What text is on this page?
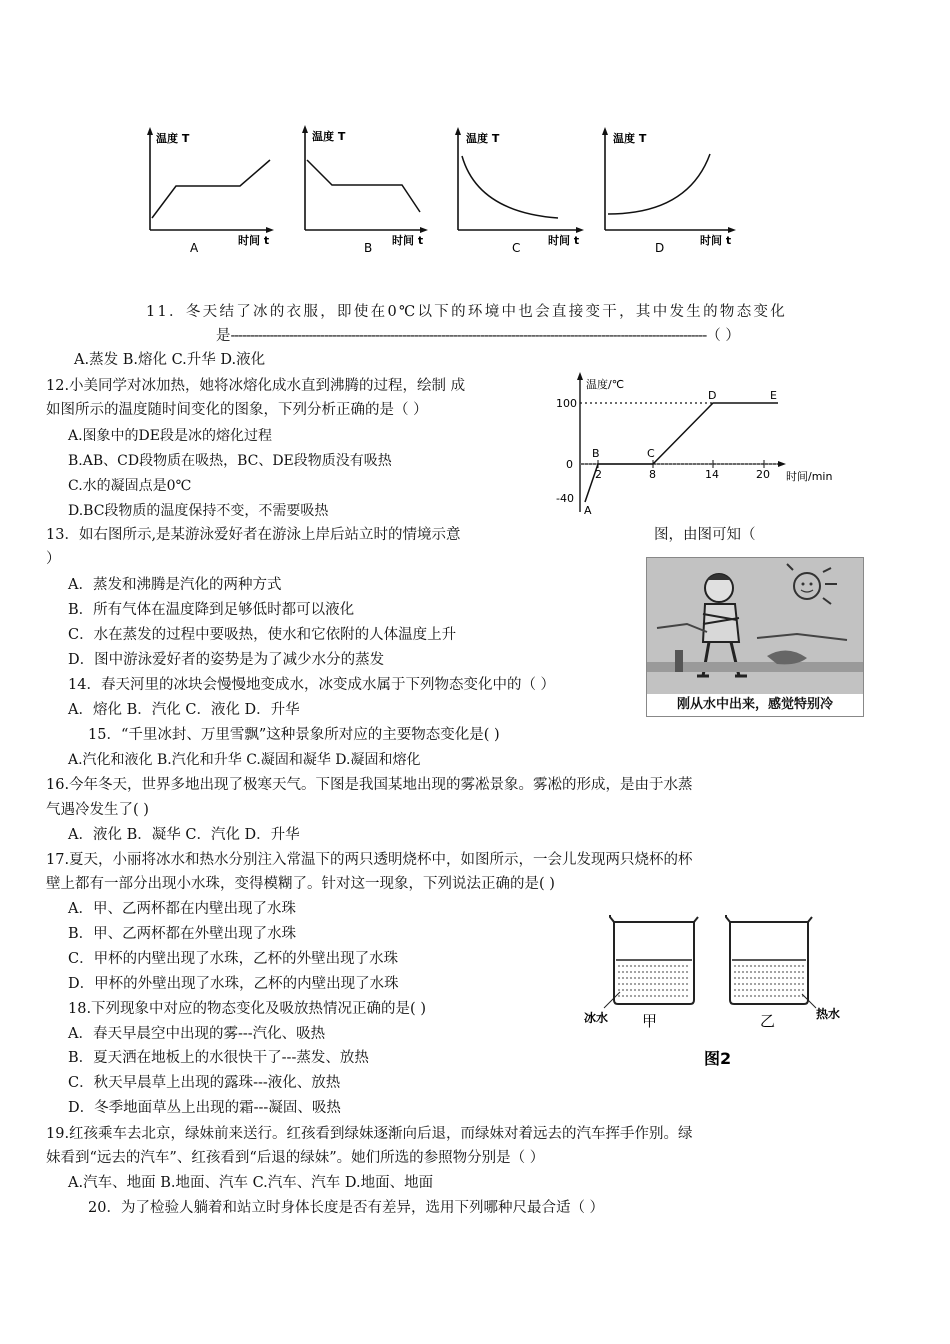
温度 T
时间 t
A
温度 T
时间 t
B
温度 T
时间 t
C
温度 T
时间 t
D
11．冬天结了冰的衣服，即使在0℃以下的环境中也会直接变干，其中发生的物态变化
是--------------------------------------------------------------------------------------------------------------------------（ ）
A.蒸发 B.熔化 C.升华 D.液化
12.小美同学对冰加热，她将冰熔化成水直到沸腾的过程，绘制 成
如图所示的温度随时间变化的图象，下列分析正确的是（ ）
A.图象中的DE段是冰的熔化过程
B.AB、CD段物质在吸热，BC、DE段物质没有吸热
C.水的凝固点是0℃
D.BC段物质的温度保持不变，不需要吸热
温度/℃
时间/min
100
0
-40
2	8	14	20
A
B	C
D	E
13．如右图所示,是某游泳爱好者在游泳上岸后站立时的情境示意	图，由图可知（
）
A．蒸发和沸腾是汽化的两种方式
B．所有气体在温度降到足够低时都可以液化
C．水在蒸发的过程中要吸热，使水和它依附的人体温度上升
D．图中游泳爱好者的姿势是为了减少水分的蒸发
刚从水中出来，感觉特别冷
14．春天河里的冰块会慢慢地变成水，冰变成水属于下列物态变化中的（ ）
A．熔化 B．汽化 C．液化 D．升华
15．“千里冰封、万里雪飘”这种景象所对应的主要物态变化是( )
A.汽化和液化 B.汽化和升华 C.凝固和凝华 D.凝固和熔化
16.今年冬天，世界多地出现了极寒天气。下图是我国某地出现的雾凇景象。雾凇的形成，是由于水蒸
气遇冷发生了( )
A．液化 B．凝华 C．汽化 D．升华
17.夏天，小丽将冰水和热水分别注入常温下的两只透明烧杯中，如图所示，一会儿发现两只烧杯的杯
壁上都有一部分出现小水珠，变得模糊了。针对这一现象，下列说法正确的是( )
A．甲、乙两杯都在内壁出现了水珠
B．甲、乙两杯都在外壁出现了水珠
C．甲杯的内壁出现了水珠，乙杯的外壁出现了水珠
D．甲杯的外壁出现了水珠，乙杯的内壁出现了水珠
冰水 甲	乙	热水
图2
18.下列现象中对应的物态变化及吸放热情况正确的是( )
A．春天早晨空中出现的雾---汽化、吸热
B．夏天洒在地板上的水很快干了---蒸发、放热
C．秋天早晨草上出现的露珠---液化、放热
D．冬季地面草丛上出现的霜---凝固、吸热
19.红孩乘车去北京，绿妹前来送行。红孩看到绿妹逐渐向后退，而绿妹对着远去的汽车挥手作别。绿
妹看到“远去的汽车”、红孩看到“后退的绿妹”。她们所选的参照物分别是（ ）
A.汽车、地面 B.地面、汽车 C.汽车、汽车 D.地面、地面
20．为了检验人躺着和站立时身体长度是否有差异，选用下列哪种尺最合适（ ）
